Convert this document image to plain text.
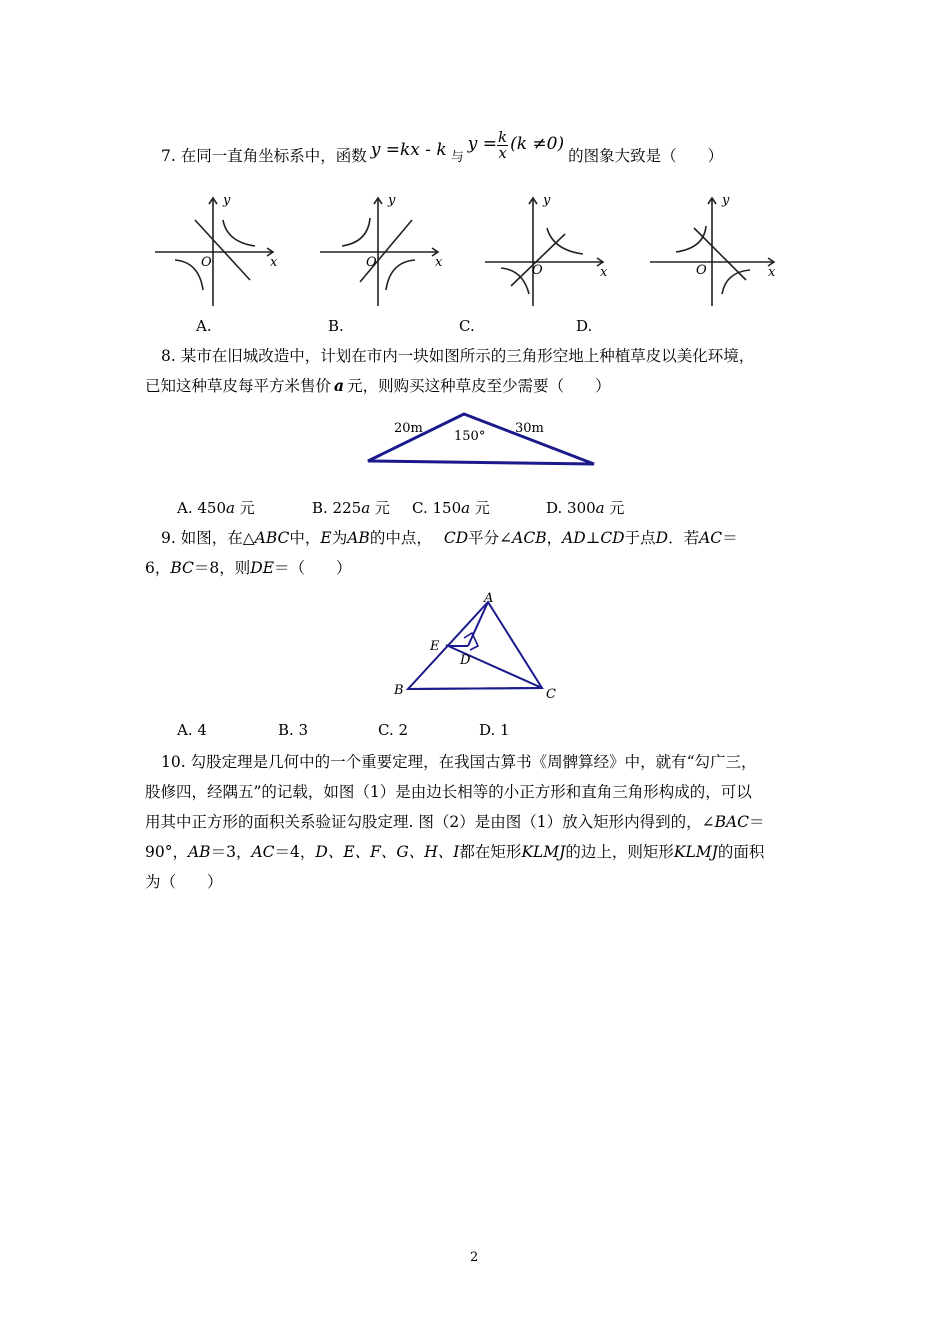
7. 在同一直角坐标系中，函数 y =kx - k 与$y = \frac{k}{x} (k \ne 0)$的图象大致是（　　）
y
x
O
y
x
O
y
x
O
y
x
O
A.	B.	C.	D.
8. 某市在旧城改造中，计划在市内一块如图所示的三角形空地上种植草皮以美化环境，
已知这种草皮每平方米售价 a 元，则购买这种草皮至少需要（　　）
20m
150°
30m
A. 450a 元	B. 225a 元 C. 150a 元	D. 300a 元
9. 如图，在△ABC中，E为AB的中点， CD平分∠ACB，AD⊥CD于点D．若AC＝
6，BC＝8，则DE＝（　　）
A
B	C
D
E
A. 4	B. 3	C. 2	D. 1
10. 勾股定理是几何中的一个重要定理，在我国古算书《周髀算经》中，就有“勾广三，
股修四，经隅五”的记载，如图（1）是由边长相等的小正方形和直角三角形构成的，可以
用其中正方形的面积关系验证勾股定理. 图（2）是由图（1）放入矩形内得到的，∠BAC＝
90°，AB＝3，AC＝4，D、E、F、G、H、I都在矩形KLMJ的边上，则矩形KLMJ的面积
为（　　）
2
